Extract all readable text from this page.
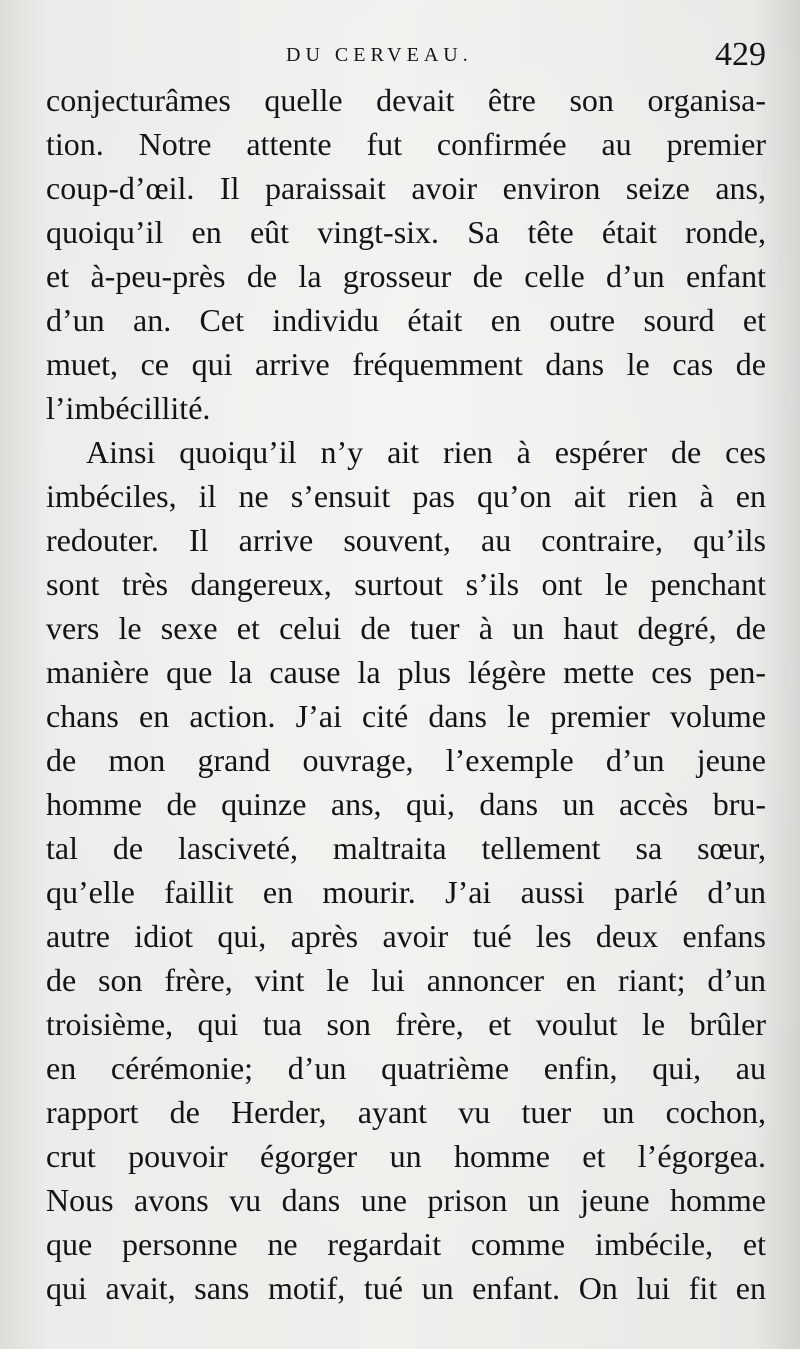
DU CERVEAU.	429
conjecturâmes quelle devait être son organisa-
tion. Notre attente fut confirmée au premier
coup-d’œil. Il paraissait avoir environ seize ans,
quoiqu’il en eût vingt-six. Sa tête était ronde,
et à-peu-près de la grosseur de celle d’un enfant
d’un an. Cet individu était en outre sourd et
muet, ce qui arrive fréquemment dans le cas de
l’imbécillité.
Ainsi quoiqu’il n’y ait rien à espérer de ces
imbéciles, il ne s’ensuit pas qu’on ait rien à en
redouter. Il arrive souvent, au contraire, qu’ils
sont très dangereux, surtout s’ils ont le penchant
vers le sexe et celui de tuer à un haut degré, de
manière que la cause la plus légère mette ces pen-
chans en action. J’ai cité dans le premier volume
de mon grand ouvrage, l’exemple d’un jeune
homme de quinze ans, qui, dans un accès bru-
tal de lasciveté, maltraita tellement sa sœur,
qu’elle faillit en mourir. J’ai aussi parlé d’un
autre idiot qui, après avoir tué les deux enfans
de son frère, vint le lui annoncer en riant; d’un
troisième, qui tua son frère, et voulut le brûler
en cérémonie; d’un quatrième enfin, qui, au
rapport de Herder, ayant vu tuer un cochon,
crut pouvoir égorger un homme et l’égorgea.
Nous avons vu dans une prison un jeune homme
que personne ne regardait comme imbécile, et
qui avait, sans motif, tué un enfant. On lui fit en
